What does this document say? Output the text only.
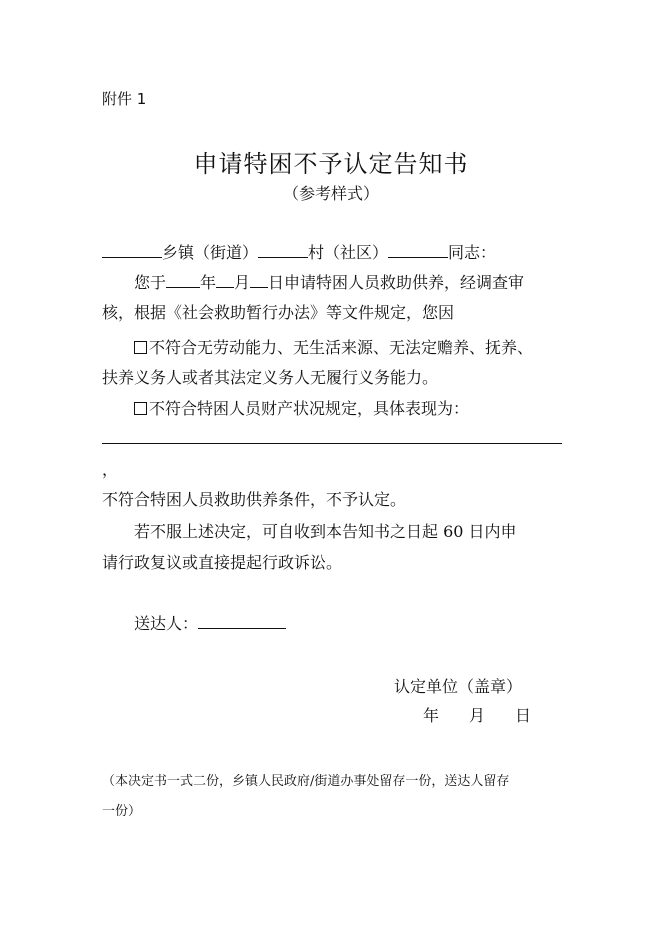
附件 1
申请特困不予认定告知书
（参考样式）
乡镇（街道）	村（社区）	同志：
您于 年 月 日申请特困人员救助供养，经调查审
核，根据《社会救助暂行办法》等文件规定，您因
不符合无劳动能力、无生活来源、无法定赡养、抚养、
扶养义务人或者其法定义务人无履行义务能力。
不符合特困人员财产状况规定，具体表现为：
，
不符合特困人员救助供养条件，不予认定。
若不服上述决定，可自收到本告知书之日起 60 日内申
请行政复议或直接提起行政诉讼。
送达人：
认定单位（盖章）
年 月 日
（本决定书一式二份，乡镇人民政府/街道办事处留存一份，送达人留存
一份）
